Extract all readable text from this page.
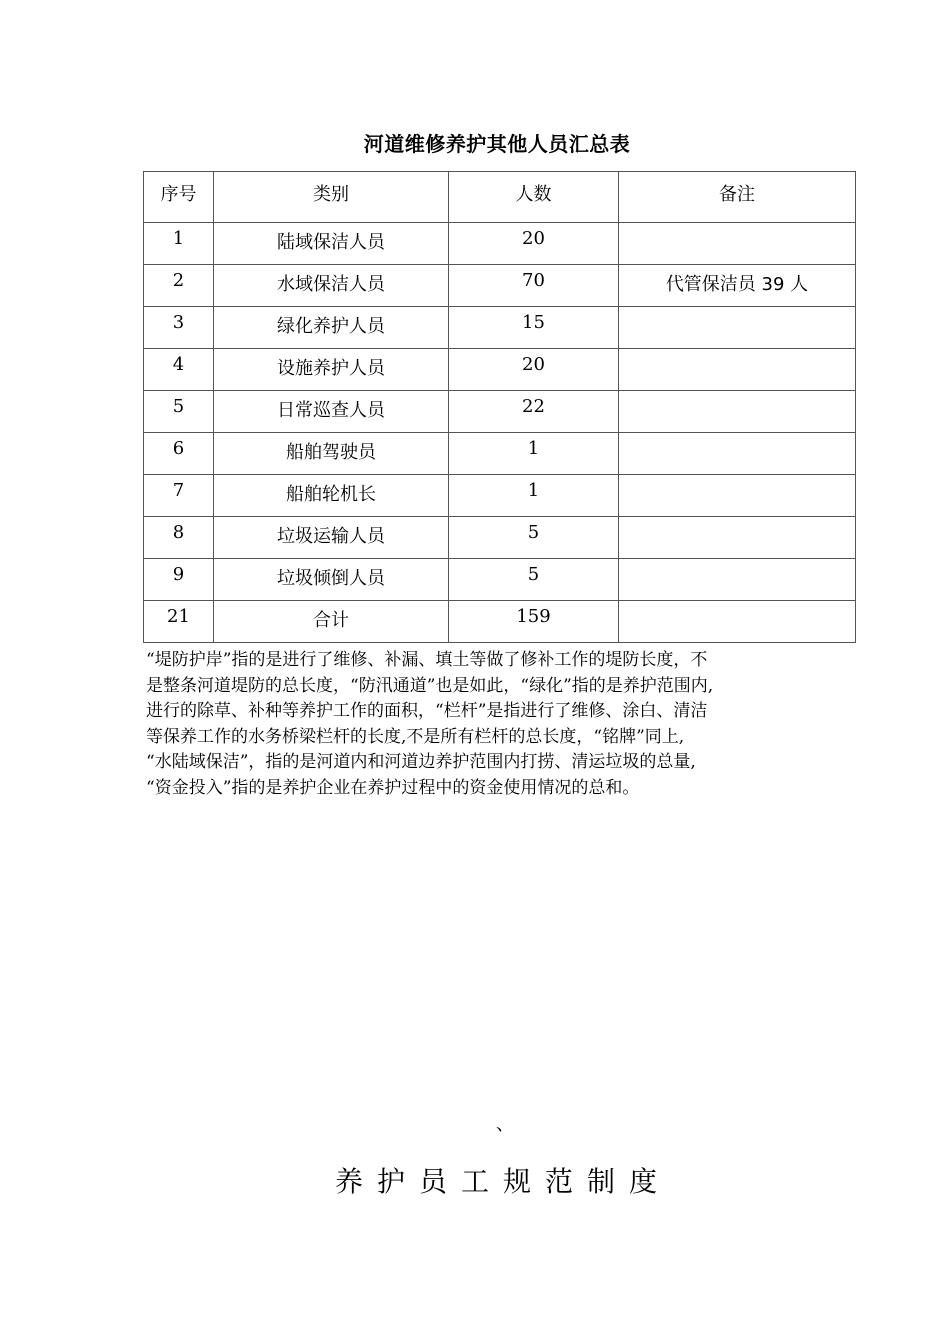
河道维修养护其他人员汇总表
序号	类别	人数	备注
1	陆域保洁人员	20	
2	水域保洁人员	70	代管保洁员 39 人
3	绿化养护人员	15	
4	设施养护人员	20	
5	日常巡查人员	22	
6	船舶驾驶员	1	
7	船舶轮机长	1	
8	垃圾运输人员	5	
9	垃圾倾倒人员	5	
21	合计	159	

“堤防护岸”指的是进行了维修、补漏、填土等做了修补工作的堤防长度，不

是整条河道堤防的总长度，“防汛通道”也是如此，“绿化”指的是养护范围内,

进行的除草、补种等养护工作的面积，“栏杆”是指进行了维修、涂白、清洁

等保养工作的水务桥梁栏杆的长度,不是所有栏杆的总长度，“铭牌”同上,

“水陆域保洁”，指的是河道内和河道边养护范围内打捞、清运垃圾的总量,

“资金投入”指的是养护企业在养护过程中的资金使用情况的总和。

、
养护员工规范制度
